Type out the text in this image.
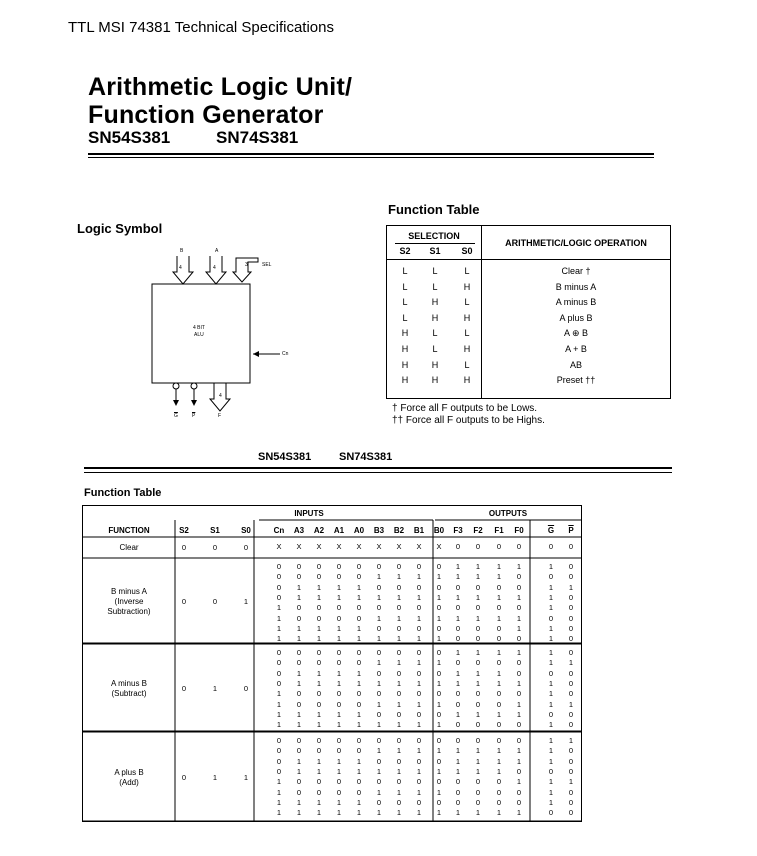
TTL MSI 74381 Technical Specifications
Arithmetic Logic Unit/
Function Generator
SN54S381	SN74S381
Logic Symbol
B	A
4	4	3	SEL
4 BIT
ALU
Cn
$\overline{G}$	$\overline{P}$	F
4
Function Table
SELECTION
S2	S1	S0
ARITHMETIC/LOGIC OPERATION
L	L	L	Clear †
L	L	H	B minus A
L	H	L	A minus B
L	H	H	A plus B
H	L	L	A ⊕ B
H	L	H	A + B
H	H	L	AB
H	H	H	Preset ††
† Force all F outputs to be Lows.
†† Force all F outputs to be Highs.
SN54S381	SN74S381
Function Table
INPUTS	OUTPUTS
FUNCTION	S2	S1	S0	Cn	A3	A2	A1	A0	B3	B2	B1	B0	F3	F2	F1	F0	$\overline{G}$	$\overline{P}$
Clear	0	0	0	X	X	X	X	X	X	X	X	X	0	0	0	0	0	0
B minus A
(Inverse
Subtraction)
0	0	1
0	0	0	0	0	0	0	0	0	1	1	1	1	1	0
0	0	0	0	0	1	1	1	1	1	1	1	0	0	0
0	1	1	1	1	0	0	0	0	0	0	0	0	1	1
0	1	1	1	1	1	1	1	1	1	1	1	1	1	0
1	0	0	0	0	0	0	0	0	0	0	0	0	1	0
1	0	0	0	0	1	1	1	1	1	1	1	1	0	0
1	1	1	1	1	0	0	0	0	0	0	0	1	1	0
1	1	1	1	1	1	1	1	1	0	0	0	0	1	0
A minus B
(Subtract)
0	1	0
0	0	0	0	0	0	0	0	0	1	1	1	1	1	0
0	0	0	0	0	1	1	1	1	0	0	0	0	1	1
0	1	1	1	1	0	0	0	0	1	1	1	0	0	0
0	1	1	1	1	1	1	1	1	1	1	1	1	1	0
1	0	0	0	0	0	0	0	0	0	0	0	0	1	0
1	0	0	0	0	1	1	1	1	0	0	0	1	1	1
1	1	1	1	1	0	0	0	0	1	1	1	1	0	0
1	1	1	1	1	1	1	1	1	0	0	0	0	1	0
A plus B
(Add)
0	1	1
0	0	0	0	0	0	0	0	0	0	0	0	0	1	1
0	0	0	0	0	1	1	1	1	1	1	1	1	1	0
0	1	1	1	1	0	0	0	0	1	1	1	1	1	0
0	1	1	1	1	1	1	1	1	1	1	1	0	0	0
1	0	0	0	0	0	0	0	0	0	0	0	1	1	1
1	0	0	0	0	1	1	1	1	0	0	0	0	1	0
1	1	1	1	1	0	0	0	0	0	0	0	0	1	0
1	1	1	1	1	1	1	1	1	1	1	1	1	0	0
